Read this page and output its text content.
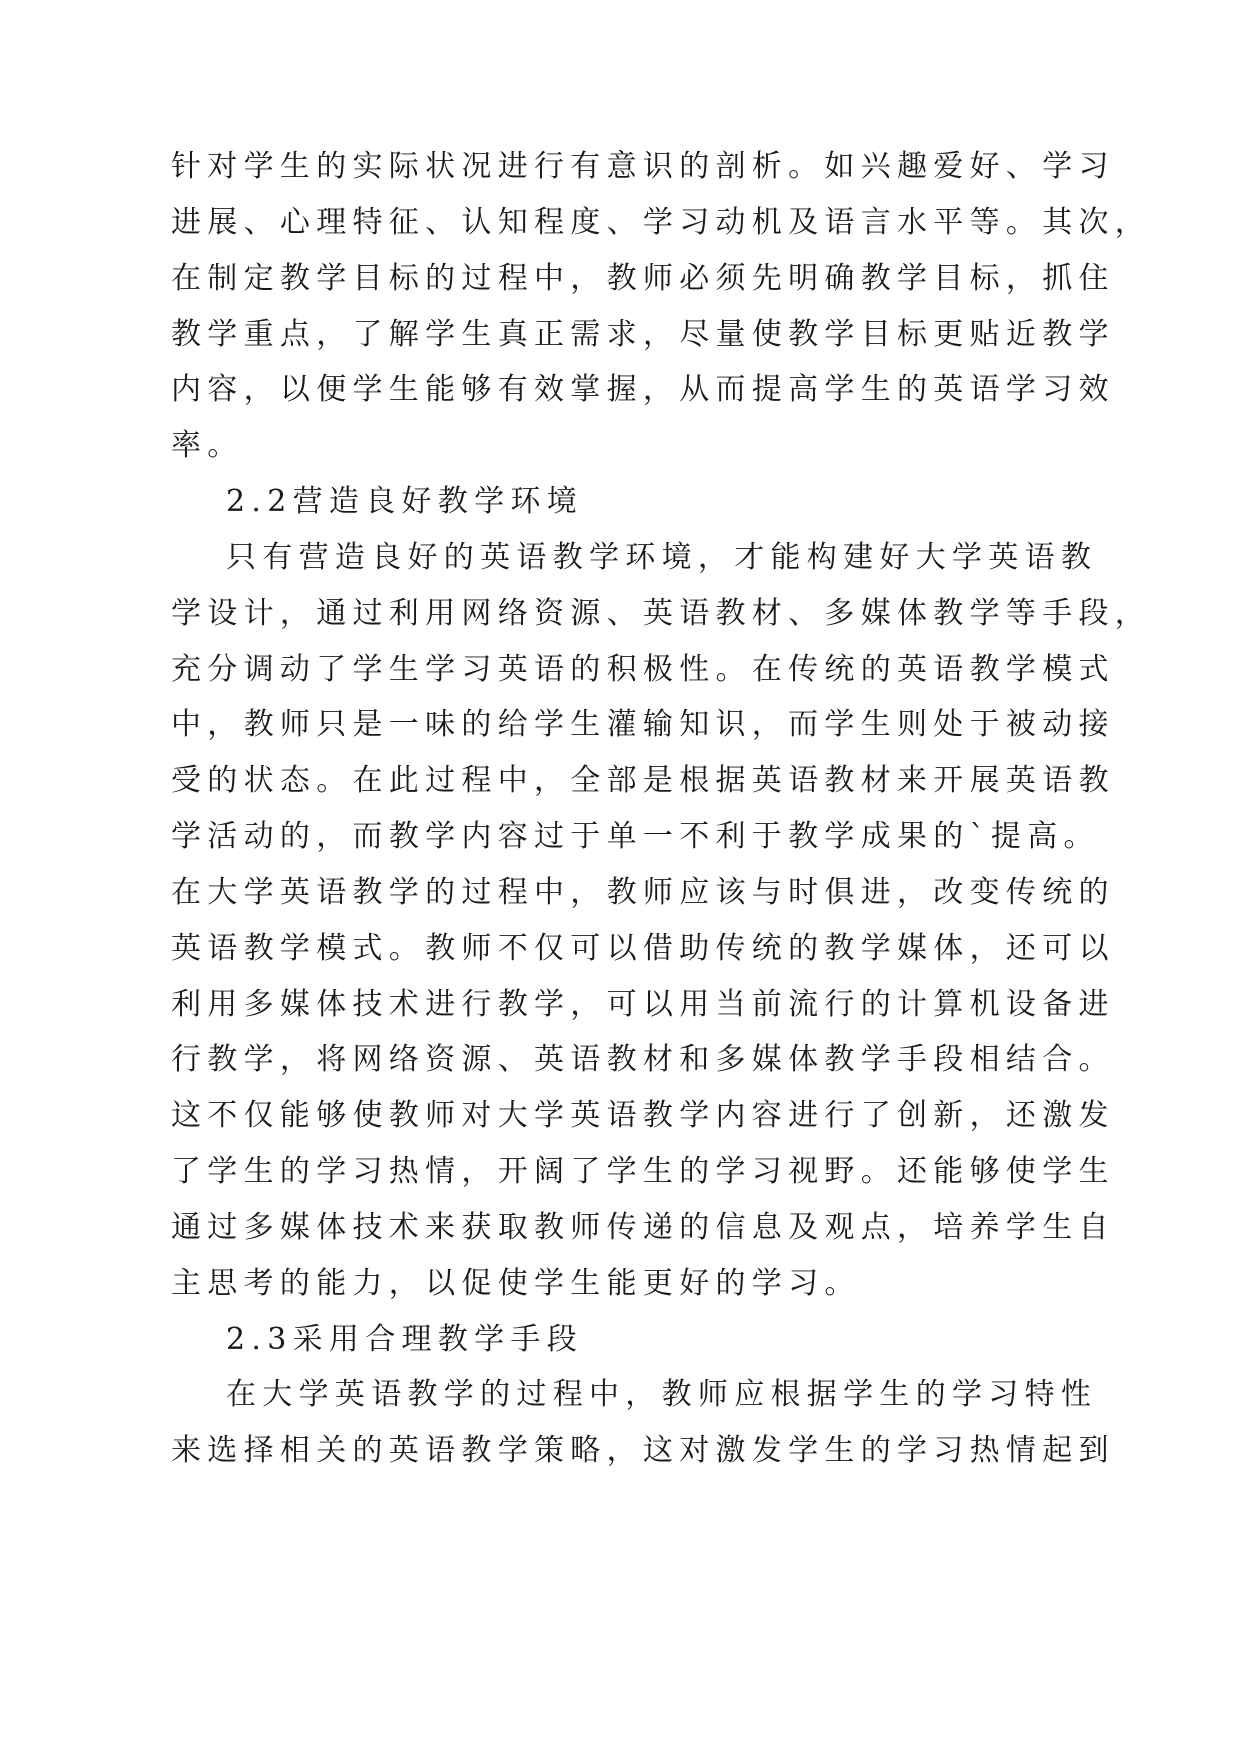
针对学生的实际状况进行有意识的剖析。如兴趣爱好、学习
进展、心理特征、认知程度、学习动机及语言水平等。其次，
在制定教学目标的过程中，教师必须先明确教学目标，抓住
教学重点，了解学生真正需求，尽量使教学目标更贴近教学
内容，以便学生能够有效掌握，从而提高学生的英语学习效
率。
2.2营造良好教学环境
只有营造良好的英语教学环境，才能构建好大学英语教
学设计，通过利用网络资源、英语教材、多媒体教学等手段，
充分调动了学生学习英语的积极性。在传统的英语教学模式
中，教师只是一味的给学生灌输知识，而学生则处于被动接
受的状态。在此过程中，全部是根据英语教材来开展英语教
学活动的，而教学内容过于单一不利于教学成果的`提高。
在大学英语教学的过程中，教师应该与时俱进，改变传统的
英语教学模式。教师不仅可以借助传统的教学媒体，还可以
利用多媒体技术进行教学，可以用当前流行的计算机设备进
行教学，将网络资源、英语教材和多媒体教学手段相结合。
这不仅能够使教师对大学英语教学内容进行了创新，还激发
了学生的学习热情，开阔了学生的学习视野。还能够使学生
通过多媒体技术来获取教师传递的信息及观点，培养学生自
主思考的能力，以促使学生能更好的学习。
2.3采用合理教学手段
在大学英语教学的过程中，教师应根据学生的学习特性
来选择相关的英语教学策略，这对激发学生的学习热情起到
